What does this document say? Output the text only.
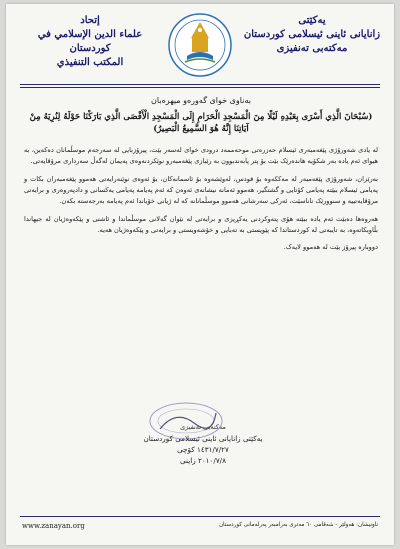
یەکێتی
زانایانی ئاینی ئیسلامی کوردستان
مەکتەبی تەنفیزی
إتحاد
علماء الدين الإسلامي في كوردستان
المكتب التنفيذي

بەناوی خوای گەورەو میهرەبان

(سُبْحَانَ الَّذِي أَسْرَى بِعَبْدِهِ لَيْلًا مِنَ الْمَسْجِدِ الْحَرَامِ إِلَى الْمَسْجِدِ الْأَقْصَى الَّذِي بَارَكْنَا حَوْلَهُ لِنُرِيَهُ مِنْ آيَاتِنَا إِنَّهُ هُوَ السَّمِيعُ الْبَصِيرُ)

لە یادی شەورۆژی پێغەمبەری ئیسلام حەزرەتی موحەممەد درودی خوای لەسەر بێت، پیرۆزبایی لە سەرجەم موسڵمانان دەکەین، بە هیوای ئەم یادە بەر شکۆیە هاندەرێک بێت بۆ پتر پابەندبوون بە رێبازی پێغەمبەرو نوێکردنەوەی پەیمان لەگەڵ سەرداری مرۆڤایەتی.

بەرێزان، شەورۆژی پێغەمبەر لە مەککەوە بۆ قودس، لەوێشەوە بۆ ئاسمانەکان، بۆ ئەوەی نوێنەرایەتی هەموو پێغەمبەران بکات و پەیامی ئیسلام ببێتە پەیامی کۆتایی و گشتگیر، هەموو ئەمانە نیشانەی ئەوەن کە ئەم پەیامە پەیامی یەکسانی و دادپەروەری و برایەتی مرۆڤایەتییە و سنوورێک ناناسێت، ئەرکی سەرشانی هەموو موسڵمانانە کە لە ژیانی خۆیاندا ئەم پەیامە بەرجەستە بکەن.

هەروەها دەبێت ئەم یادە ببێتە هۆی پتەوکردنی یەکڕیزی و برایەتی لە نێوان گەلانی موسڵماندا و ئاشتی و پێکەوەژیان لە جیهاندا بڵاوبکاتەوە، بە تایبەتی لە کوردستاندا کە پێویستی بە تەبایی و خۆشەویستی و برایەتی و پێکەوەژیان هەیە.

دووبارە پیرۆز بێت لە هەموو لایەک.

مەکتەبی تەنفیزی
یەکێتی زانایانی ئاینی ئیسلامی کوردستان
١٤٣١/٧/٢٧ کۆچی
٢٠١٠/٧/٨ زاینی
www.zanayan.org	ناونیشان: هەولێر - شەقامی ٦٠ مەتری بەرامبەر پەرلەمانی کوردستان
